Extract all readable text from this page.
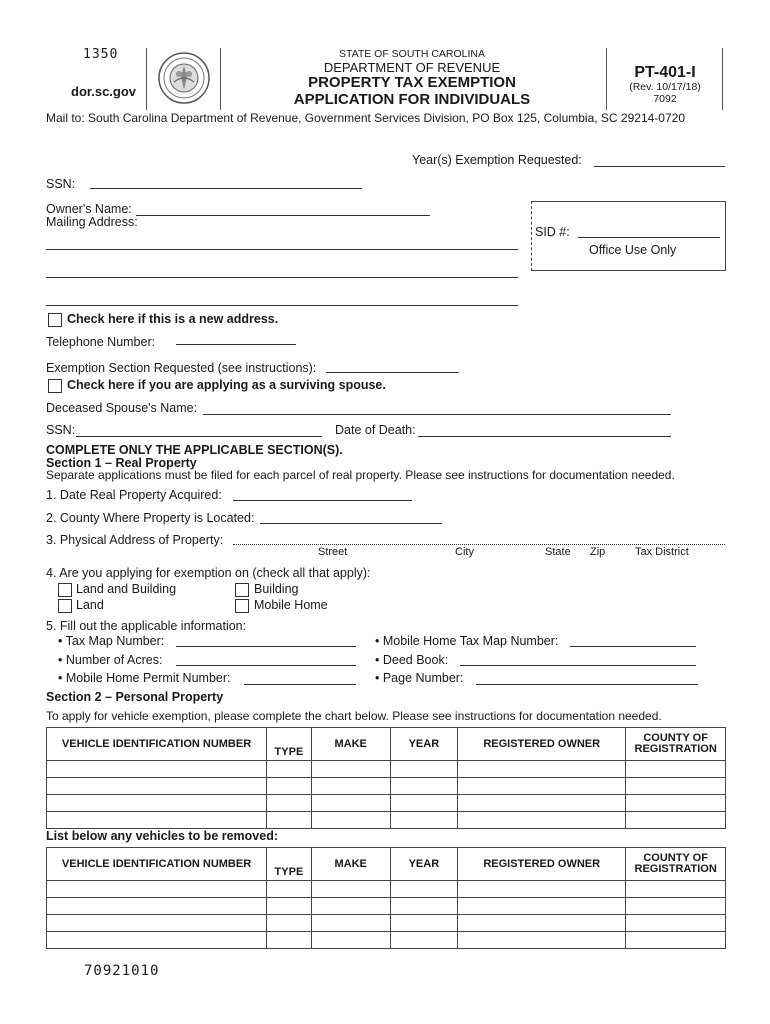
1350
dor.sc.gov
STATE OF SOUTH CAROLINA
DEPARTMENT OF REVENUE
PROPERTY TAX EXEMPTION
APPLICATION FOR INDIVIDUALS
PT-401-I
(Rev. 10/17/18)
7092
Mail to: South Carolina Department of Revenue, Government Services Division, PO Box 125, Columbia, SC 29214-0720
Year(s) Exemption Requested:
SSN:
Owner's Name:
Mailing Address:
SID #:
Office Use Only
Check here if this is a new address.
Telephone Number:
Exemption Section Requested (see instructions):
Check here if you are applying as a surviving spouse.
Deceased Spouse's Name:
SSN:	Date of Death:
COMPLETE ONLY THE APPLICABLE SECTION(S).
Section 1 – Real Property
Separate applications must be filed for each parcel of real property. Please see instructions for documentation needed.
1. Date Real Property Acquired:
2. County Where Property is Located:
3. Physical Address of Property:
Street	City	State Zip	Tax District
4. Are you applying for exemption on (check all that apply):
Land and Building	Building
Land	Mobile Home
5. Fill out the applicable information:
• Tax Map Number:
• Number of Acres:
• Mobile Home Permit Number:
• Mobile Home Tax Map Number:
• Deed Book:
• Page Number:
Section 2 – Personal Property
To apply for vehicle exemption, please complete the chart below. Please see instructions for documentation needed.
VEHICLE IDENTIFICATION NUMBER	TYPE	MAKE	YEAR	REGISTERED OWNER	COUNTY OF REGISTRATION

List below any vehicles to be removed:
VEHICLE IDENTIFICATION NUMBER	TYPE	MAKE	YEAR	REGISTERED OWNER	COUNTY OF REGISTRATION

70921010
